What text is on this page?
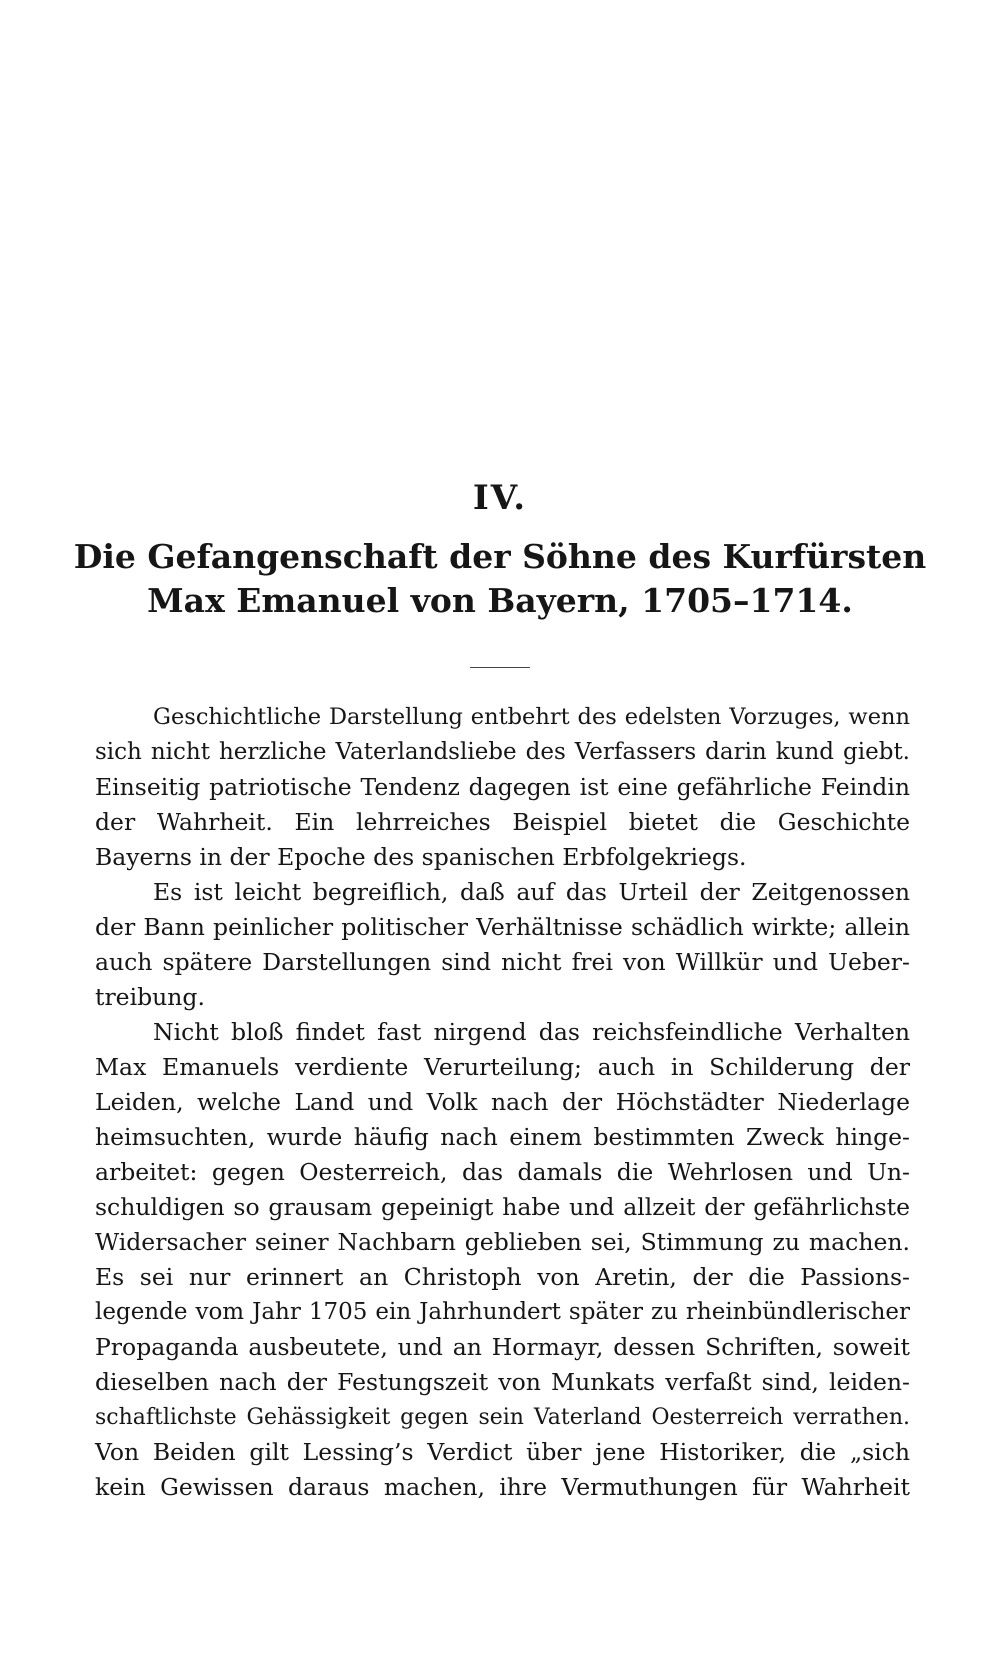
IV.
Die Gefangenschaft der Söhne des Kurfürsten
Max Emanuel von Bayern, 1705–1714.
Geschichtliche Darstellung entbehrt des edelsten Vorzuges, wenn
sich nicht herzliche Vaterlandsliebe des Verfassers darin kund giebt.
Einseitig patriotische Tendenz dagegen ist eine gefährliche Feindin
der Wahrheit. Ein lehrreiches Beispiel bietet die Geschichte
Bayerns in der Epoche des spanischen Erbfolgekriegs.
Es ist leicht begreiflich, daß auf das Urteil der Zeitgenossen
der Bann peinlicher politischer Verhältnisse schädlich wirkte; allein
auch spätere Darstellungen sind nicht frei von Willkür und Ueber-
treibung.
Nicht bloß findet fast nirgend das reichsfeindliche Verhalten
Max Emanuels verdiente Verurteilung; auch in Schilderung der
Leiden, welche Land und Volk nach der Höchstädter Niederlage
heimsuchten, wurde häufig nach einem bestimmten Zweck hinge-
arbeitet: gegen Oesterreich, das damals die Wehrlosen und Un-
schuldigen so grausam gepeinigt habe und allzeit der gefährlichste
Widersacher seiner Nachbarn geblieben sei, Stimmung zu machen.
Es sei nur erinnert an Christoph von Aretin, der die Passions-
legende vom Jahr 1705 ein Jahrhundert später zu rheinbündlerischer
Propaganda ausbeutete, und an Hormayr, dessen Schriften, soweit
dieselben nach der Festungszeit von Munkats verfaßt sind, leiden-
schaftlichste Gehässigkeit gegen sein Vaterland Oesterreich verrathen.
Von Beiden gilt Lessing’s Verdict über jene Historiker, die „sich
kein Gewissen daraus machen, ihre Vermuthungen für Wahrheit
